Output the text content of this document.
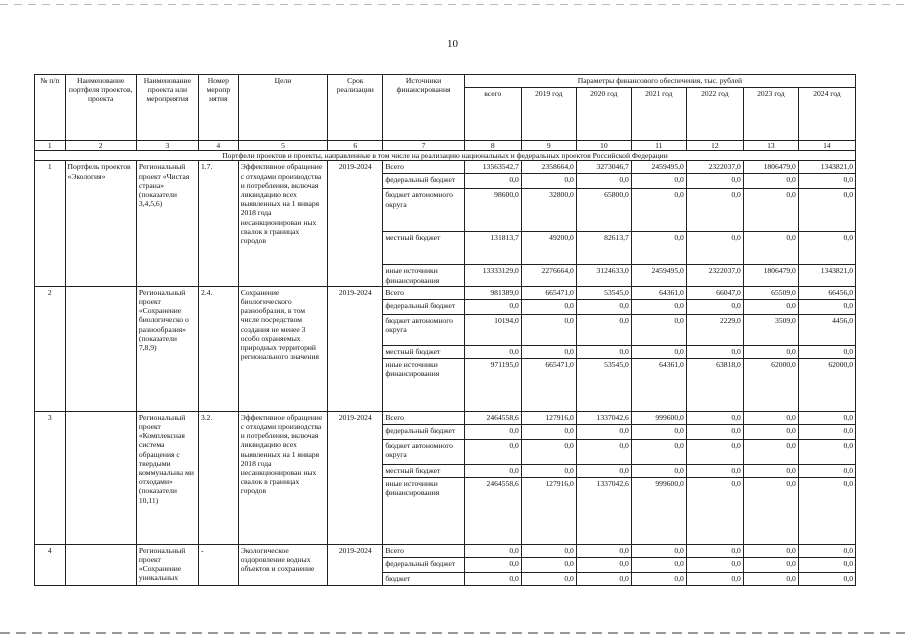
10
№ п/п	Наименование портфеля проектов, проекта	Наименование проекта или мероприятия	Номер меропр иятия	Цели	Срок реализации	Источники финансирования	Параметры финансового обеспечения, тыс. рублей						
							всего	2019 год	2020 год	2021 год	2022 год	2023 год	2024 год
1	2	3	4	5	6	7	8	9	10	11	12	13	14
Портфели проектов и проекты, направленные в том числе на реализацию национальных и федеральных проектов Российской Федерации													
1	Портфель проектов «Экология»	Региональный проект «Чистая страна» (показатели 3,4,5,6)	1.7.	Эффективное обращение с отходами производства и потребления, включая ликвидацию всех выявленных на 1 января 2018 года несанкционирован ных свалок в границах городов	2019-2024	Всего	13563542,7	2358664,0	3273046,7	2459495,0	2322037,0	1806479,0	1343821,0
						федеральный бюджет	0,0	0,0	0,0	0,0	0,0	0,0	0,0
						бюджет автономного округа	98600,0	32800,0	65800,0	0,0	0,0	0,0	0,0
						местный бюджет	131813,7	49200,0	82613,7	0,0	0,0	0,0	0,0
						иные источники финансирования	13333129,0	2276664,0	3124633,0	2459495,0	2322037,0	1806479,0	1343821,0
2		Региональный проект «Сохранение биологическо о разнообразия» (показатели 7,8,9)	2.4.	Сохранение биологического разнообразия, в том числе посредством создания не менее 3 особо охраняемых природных территорий регионального значения	2019-2024	Всего	981389,0	665471,0	53545,0	64361,0	66047,0	65509,0	66456,0
						федеральный бюджет	0,0	0,0	0,0	0,0	0,0	0,0	0,0
						бюджет автономного округа	10194,0	0,0	0,0	0,0	2229,0	3509,0	4456,0
						местный бюджет	0,0	0,0	0,0	0,0	0,0	0,0	0,0
						иные источники финансирования	971195,0	665471,0	53545,0	64361,0	63818,0	62000,0	62000,0
3		Региональный проект «Комплексная система обращения с твердыми коммунальны ми отходами» (показатели 10,11)	3.2.	Эффективное обращение с отходами производства и потребления, включая ликвидацию всех выявленных на 1 января 2018 года несанкционирован ных свалок в границах городов	2019-2024	Всего	2464558,6	127916,0	1337042,6	999600,0	0,0	0,0	0,0
						федеральный бюджет	0,0	0,0	0,0	0,0	0,0	0,0	0,0
						бюджет автономного округа	0,0	0,0	0,0	0,0	0,0	0,0	0,0
						местный бюджет	0,0	0,0	0,0	0,0	0,0	0,0	0,0
						иные источники финансирования	2464558,6	127916,0	1337042,6	999600,0	0,0	0,0	0,0
4		Региональный проект «Сохранение уникальных	-	Экологическое оздоровление водных объектов и сохранение	2019-2024	Всего	0,0	0,0	0,0	0,0	0,0	0,0	0,0
						федеральный бюджет	0,0	0,0	0,0	0,0	0,0	0,0	0,0
						бюджет	0,0	0,0	0,0	0,0	0,0	0,0	0,0
